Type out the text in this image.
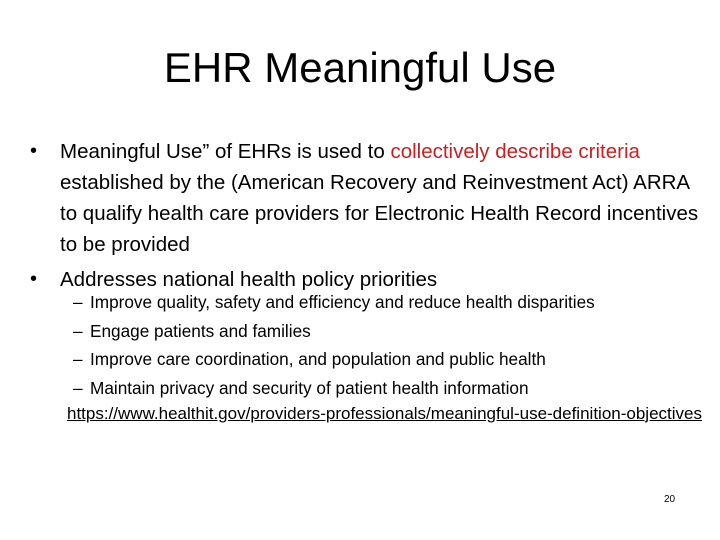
EHR Meaningful Use
• Meaningful Use” of EHRs is used to collectively describe criteria established by the (American Recovery and Reinvestment Act) ARRA to qualify health care providers for Electronic Health Record incentives to be provided
• Addresses national health policy priorities
– Improve quality, safety and efficiency and reduce health disparities
– Engage patients and families
– Improve care coordination, and population and public health
– Maintain privacy and security of patient health information
https://www.healthit.gov/providers-professionals/meaningful-use-definition-objectives
20
